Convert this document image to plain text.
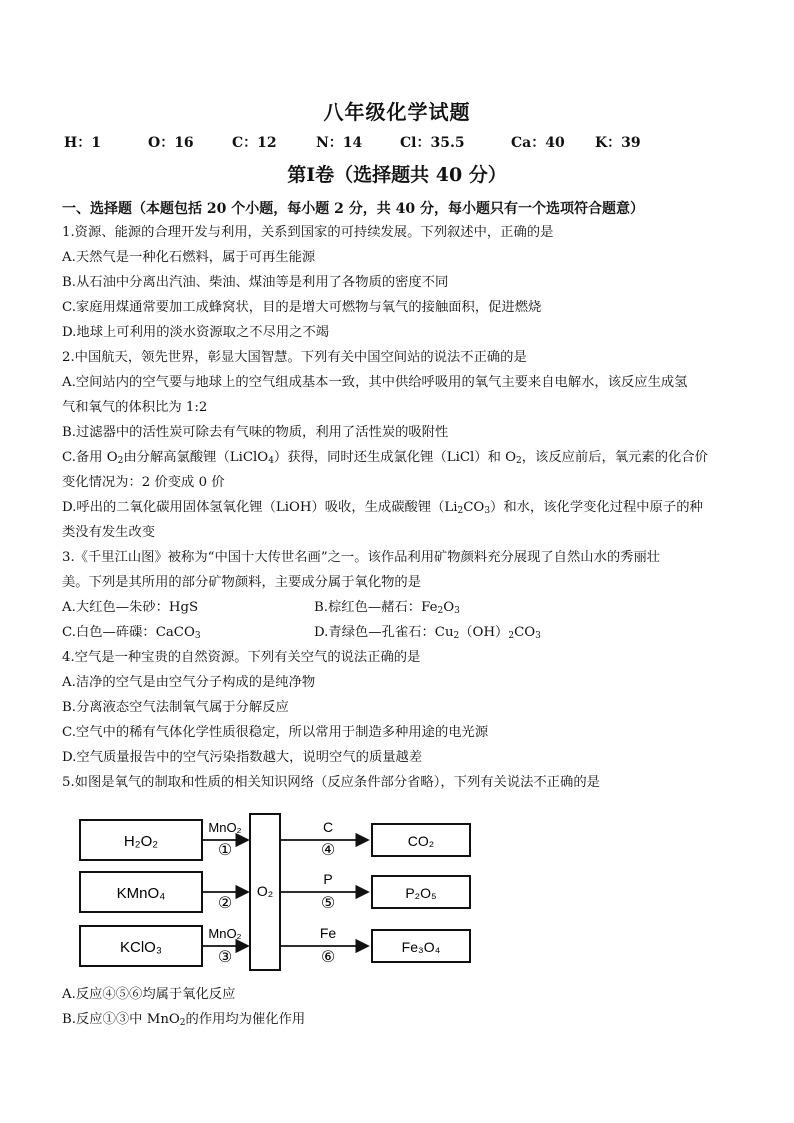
八年级化学试题
H：1	O：16	C：12	N：14	Cl：35.5	Ca：40 K：39
第Ⅰ卷（选择题共 40 分）
一、选择题（本题包括 20 个小题，每小题 2 分，共 40 分，每小题只有一个选项符合题意）
1.资源、能源的合理开发与利用，关系到国家的可持续发展。下列叙述中，正确的是
A.天然气是一种化石燃料，属于可再生能源
B.从石油中分离出汽油、柴油、煤油等是利用了各物质的密度不同
C.家庭用煤通常要加工成蜂窝状，目的是增大可燃物与氧气的接触面积，促进燃烧
D.地球上可利用的淡水资源取之不尽用之不竭
2.中国航天，领先世界，彰显大国智慧。下列有关中国空间站的说法不正确的是
A.空间站内的空气要与地球上的空气组成基本一致，其中供给呼吸用的氧气主要来自电解水，该反应生成氢
气和氧气的体积比为 1:2
B.过滤器中的活性炭可除去有气味的物质，利用了活性炭的吸附性
C.备用 $O_2$由分解高氯酸锂（LiClO$_4$）获得，同时还生成氯化锂（LiCl）和 $O_2$，该反应前后，氧元素的化合价
变化情况为：2 价变成 0 价
D.呼出的二氧化碳用固体氢氧化锂（LiOH）吸收，生成碳酸锂$(Li_2CO_3)$和水，该化学变化过程中原子的种
类没有发生改变
3.《千里江山图》被称为“中国十大传世名画”之一。该作品利用矿物颜料充分展现了自然山水的秀丽壮
美。下列是其所用的部分矿物颜料，主要成分属于氧化物的是
A.大红色—朱砂：HgS	B.棕红色—赭石：$Fe_2O_3$
C.白色—砗磲：CaCO$_3$	D.青绿色—孔雀石：$Cu_2(OH)_2CO_3$
4.空气是一种宝贵的自然资源。下列有关空气的说法正确的是
A.洁净的空气是由空气分子构成的是纯净物
B.分离液态空气法制氧气属于分解反应
C.空气中的稀有气体化学性质很稳定，所以常用于制造多种用途的电光源
D.空气质量报告中的空气污染指数越大，说明空气的质量越差
5.如图是氧气的制取和性质的相关知识网络（反应条件部分省略），下列有关说法不正确的是
H₂O₂
KMnO₄
KClO₃
MnO₂
①
②
MnO₂
③
O₂
C
④
P
⑤
Fe
⑥
CO₂
P₂O₅
Fe₃O₄
A.反应④⑤⑥均属于氧化反应
B.反应①③中 MnO$_2$的作用均为催化作用
